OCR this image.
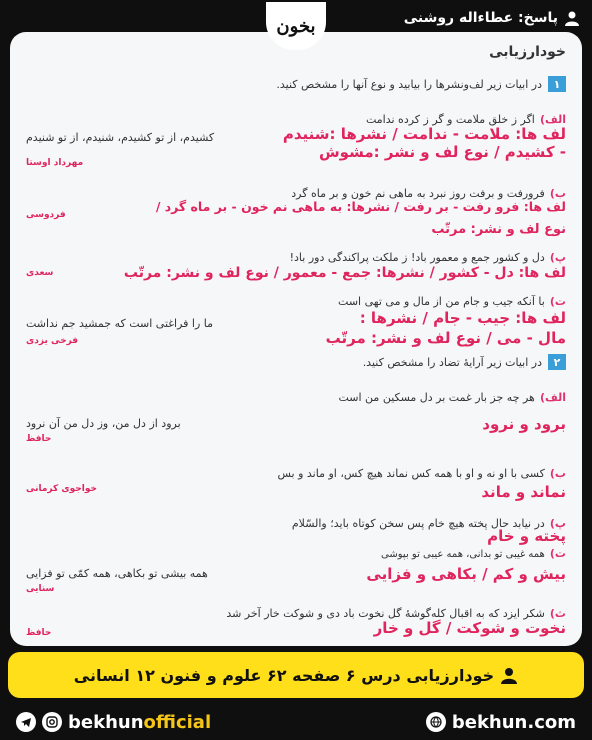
پاسخ: عطاءاله روشنی
بخون
خودارزیابی
۱
در ابیات زیر لف‌ونشرها را بیابید و نوع آنها را مشخص کنید.
الف) اگر ز خلق ملامت و گر ز کرده ندامت
لف ها: ملامت - ندامت / نشرها :شنیدم
کشیدم، از تو کشیدم، شنیدم، از تو شنیدم
- کشیدم / نوع لف و نشر :مشوش
مهرداد اوستا
ب) فرورفت و برفت روز نبرد به ماهی نم خون و بر ماه گرد
لف ها: فرو رفت - بر رفت / نشرها: به ماهی نم خون - بر ماه گرد /
نوع لف و نشر: مرتّب
فردوسی
پ) دل و کشور جمع و معمور باد! ز ملکت پراکندگی دور باد!
لف ها: دل - کشور / نشرها: جمع - معمور / نوع لف و نشر: مرتّب
سعدی
ت) با آنکه جیب و جام من از مال و می تهی است
لف ها: جیب - جام / نشرها :
ما را فراغتی است که جمشید جم نداشت
مال - می / نوع لف و نشر: مرتّب
فرخی یزدی
۲
در ابیات زیر آرایهٔ تضاد را مشخص کنید.
الف) هر چه جز بار غمت بر دل مسکین من است
برود از دل من، وز دل من آن نرود	برود و نرود
حافظ
ب) کسی با او نه و او با همه کس نماند هیچ کس، او ماند و بس
نماند و ماند
خواجوی کرمانی
پ) در نیابد حال پخته هیچ خام پس سخن کوتاه باید؛ والسّلام
پخته و خام
ت) همه غیبی تو بدانی، همه عیبی تو بپوشی
همه بیشی تو بکاهی، همه کمّی تو فزایی	بیش و کم / بکاهی و فزایی
سنایی
ث) شکر ایزد که به اقبال کله‌گوشهٔ گل نخوت باد دی و شوکت خار آخر شد
نخوت و شوکت / گل و خار
حافظ
خودارزیابی درس ۶ صفحه ۶۲ علوم و فنون ۱۲ انسانی
bekhunofficial	bekhun.com
